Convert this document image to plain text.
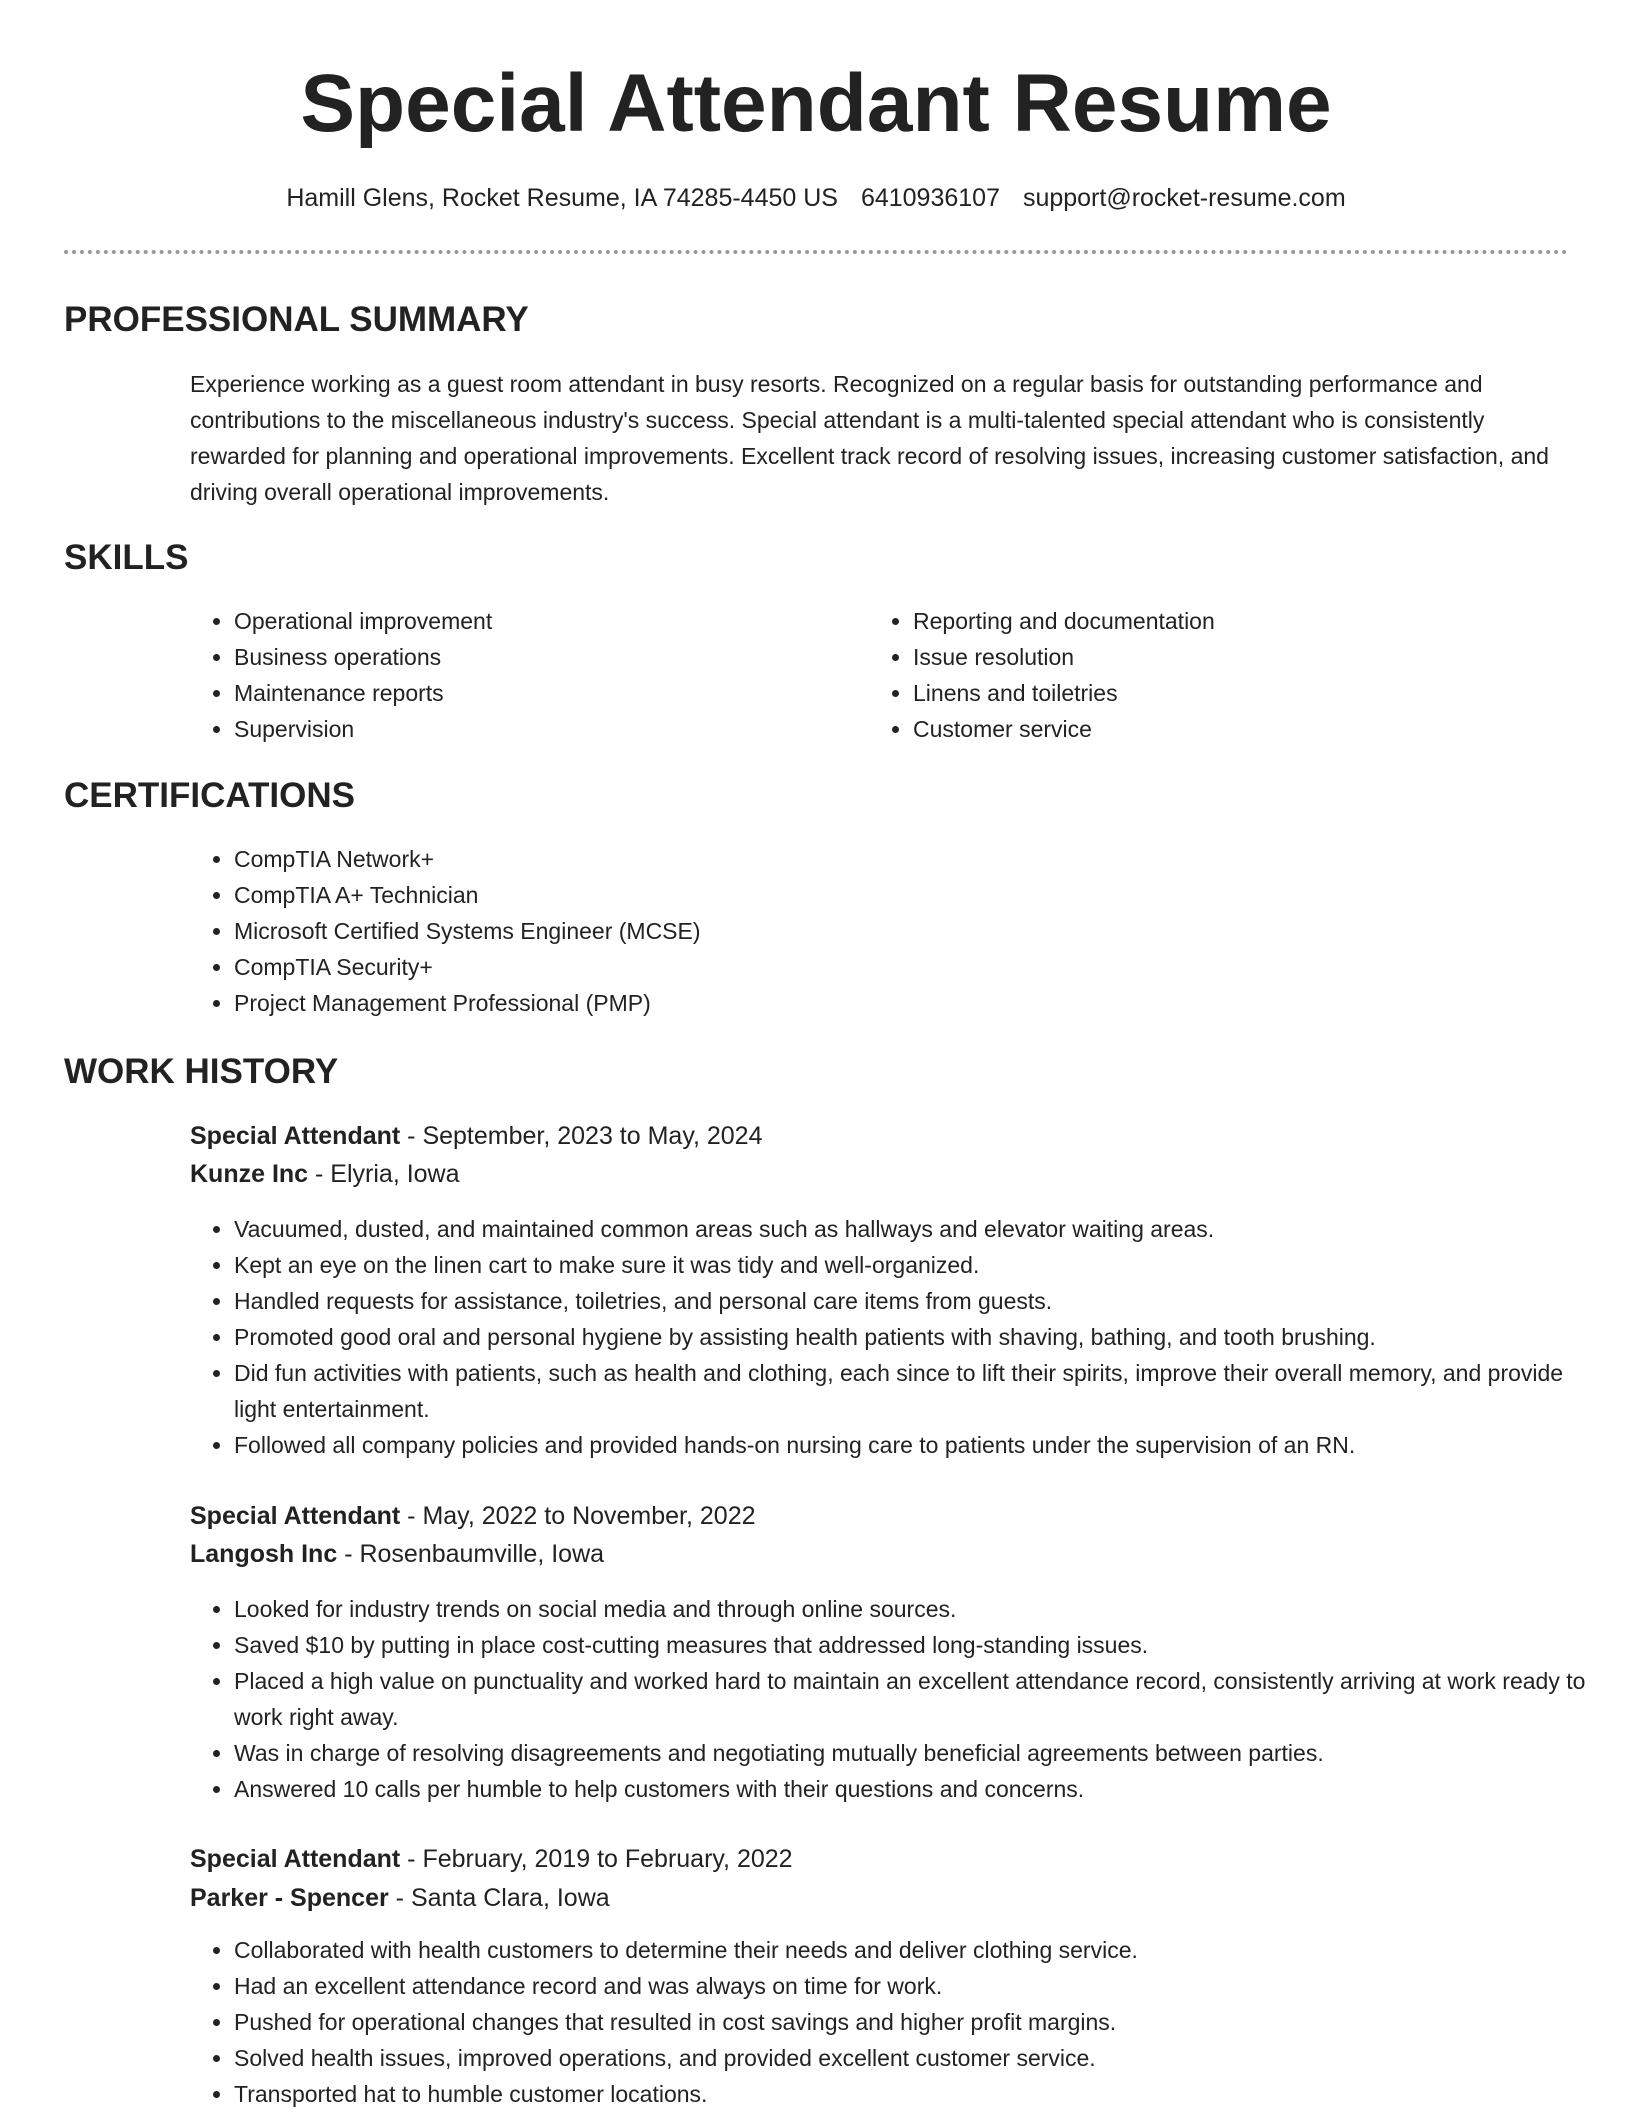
Special Attendant Resume
Hamill Glens, Rocket Resume, IA 74285-4450 US 6410936107 support@rocket-resume.com
PROFESSIONAL SUMMARY

Experience working as a guest room attendant in busy resorts. Recognized on a regular basis for outstanding performance and contributions to the miscellaneous industry's success. Special attendant is a multi-talented special attendant who is consistently rewarded for planning and operational improvements. Excellent track record of resolving issues, increasing customer satisfaction, and driving overall operational improvements.

SKILLS
• Operational improvement
• Business operations
• Maintenance reports
• Supervision
• Reporting and documentation
• Issue resolution
• Linens and toiletries
• Customer service
CERTIFICATIONS
• CompTIA Network+
• CompTIA A+ Technician
• Microsoft Certified Systems Engineer (MCSE)
• CompTIA Security+
• Project Management Professional (PMP)
WORK HISTORY
Special Attendant - September, 2023 to May, 2024
Kunze Inc - Elyria, Iowa
• Vacuumed, dusted, and maintained common areas such as hallways and elevator waiting areas.
• Kept an eye on the linen cart to make sure it was tidy and well-organized.
• Handled requests for assistance, toiletries, and personal care items from guests.
• Promoted good oral and personal hygiene by assisting health patients with shaving, bathing, and tooth brushing.
• Did fun activities with patients, such as health and clothing, each since to lift their spirits, improve their overall memory, and provide light entertainment.
• Followed all company policies and provided hands-on nursing care to patients under the supervision of an RN.
Special Attendant - May, 2022 to November, 2022
Langosh Inc - Rosenbaumville, Iowa
• Looked for industry trends on social media and through online sources.
• Saved $10 by putting in place cost-cutting measures that addressed long-standing issues.
• Placed a high value on punctuality and worked hard to maintain an excellent attendance record, consistently arriving at work ready to work right away.
• Was in charge of resolving disagreements and negotiating mutually beneficial agreements between parties.
• Answered 10 calls per humble to help customers with their questions and concerns.
Special Attendant - February, 2019 to February, 2022
Parker - Spencer - Santa Clara, Iowa
• Collaborated with health customers to determine their needs and deliver clothing service.
• Had an excellent attendance record and was always on time for work.
• Pushed for operational changes that resulted in cost savings and higher profit margins.
• Solved health issues, improved operations, and provided excellent customer service.
• Transported hat to humble customer locations.
